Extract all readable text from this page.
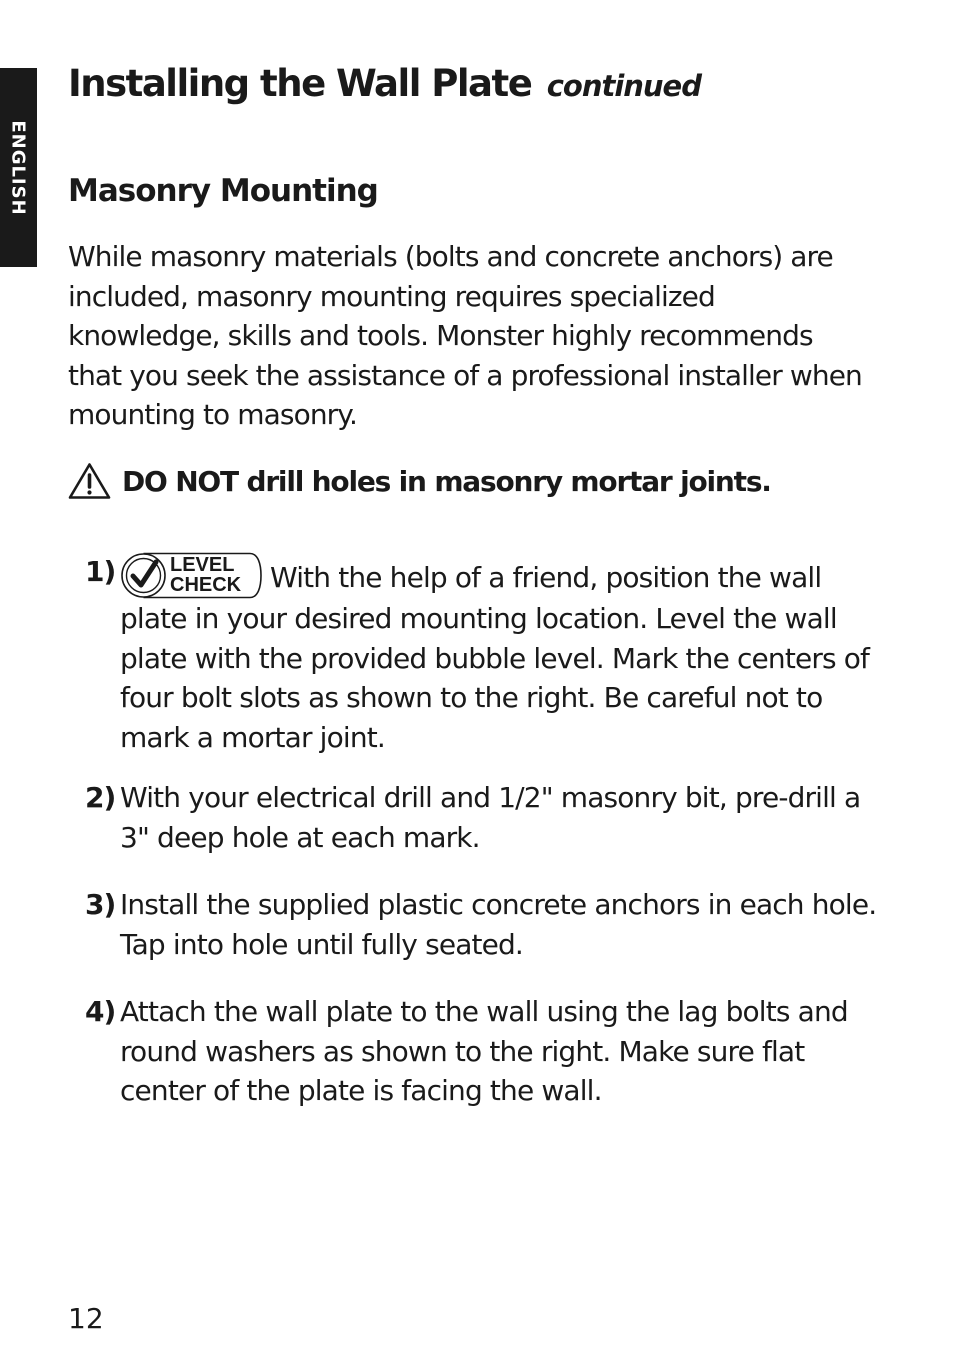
ENGLISH
Installing the Wall Plate continued
Masonry Mounting

While masonry materials (bolts and concrete anchors) are included, masonry mounting requires specialized knowledge, skills and tools. Monster highly recommends that you seek the assistance of a professional installer when mounting to masonry.

DO NOT drill holes in masonry mortar joints.
1)	LEVEL
CHECK With the help of a friend, position the wall plate in your desired mounting location. Level the wall plate with the provided bubble level. Mark the centers of four bolt slots as shown to the right. Be careful not to mark a mortar joint.
2) With your electrical drill and 1/2" masonry bit, pre-drill a 3" deep hole at each mark.
3) Install the supplied plastic concrete anchors in each hole. Tap into hole until fully seated.
4) Attach the wall plate to the wall using the lag bolts and round washers as shown to the right. Make sure flat center of the plate is facing the wall.
12
